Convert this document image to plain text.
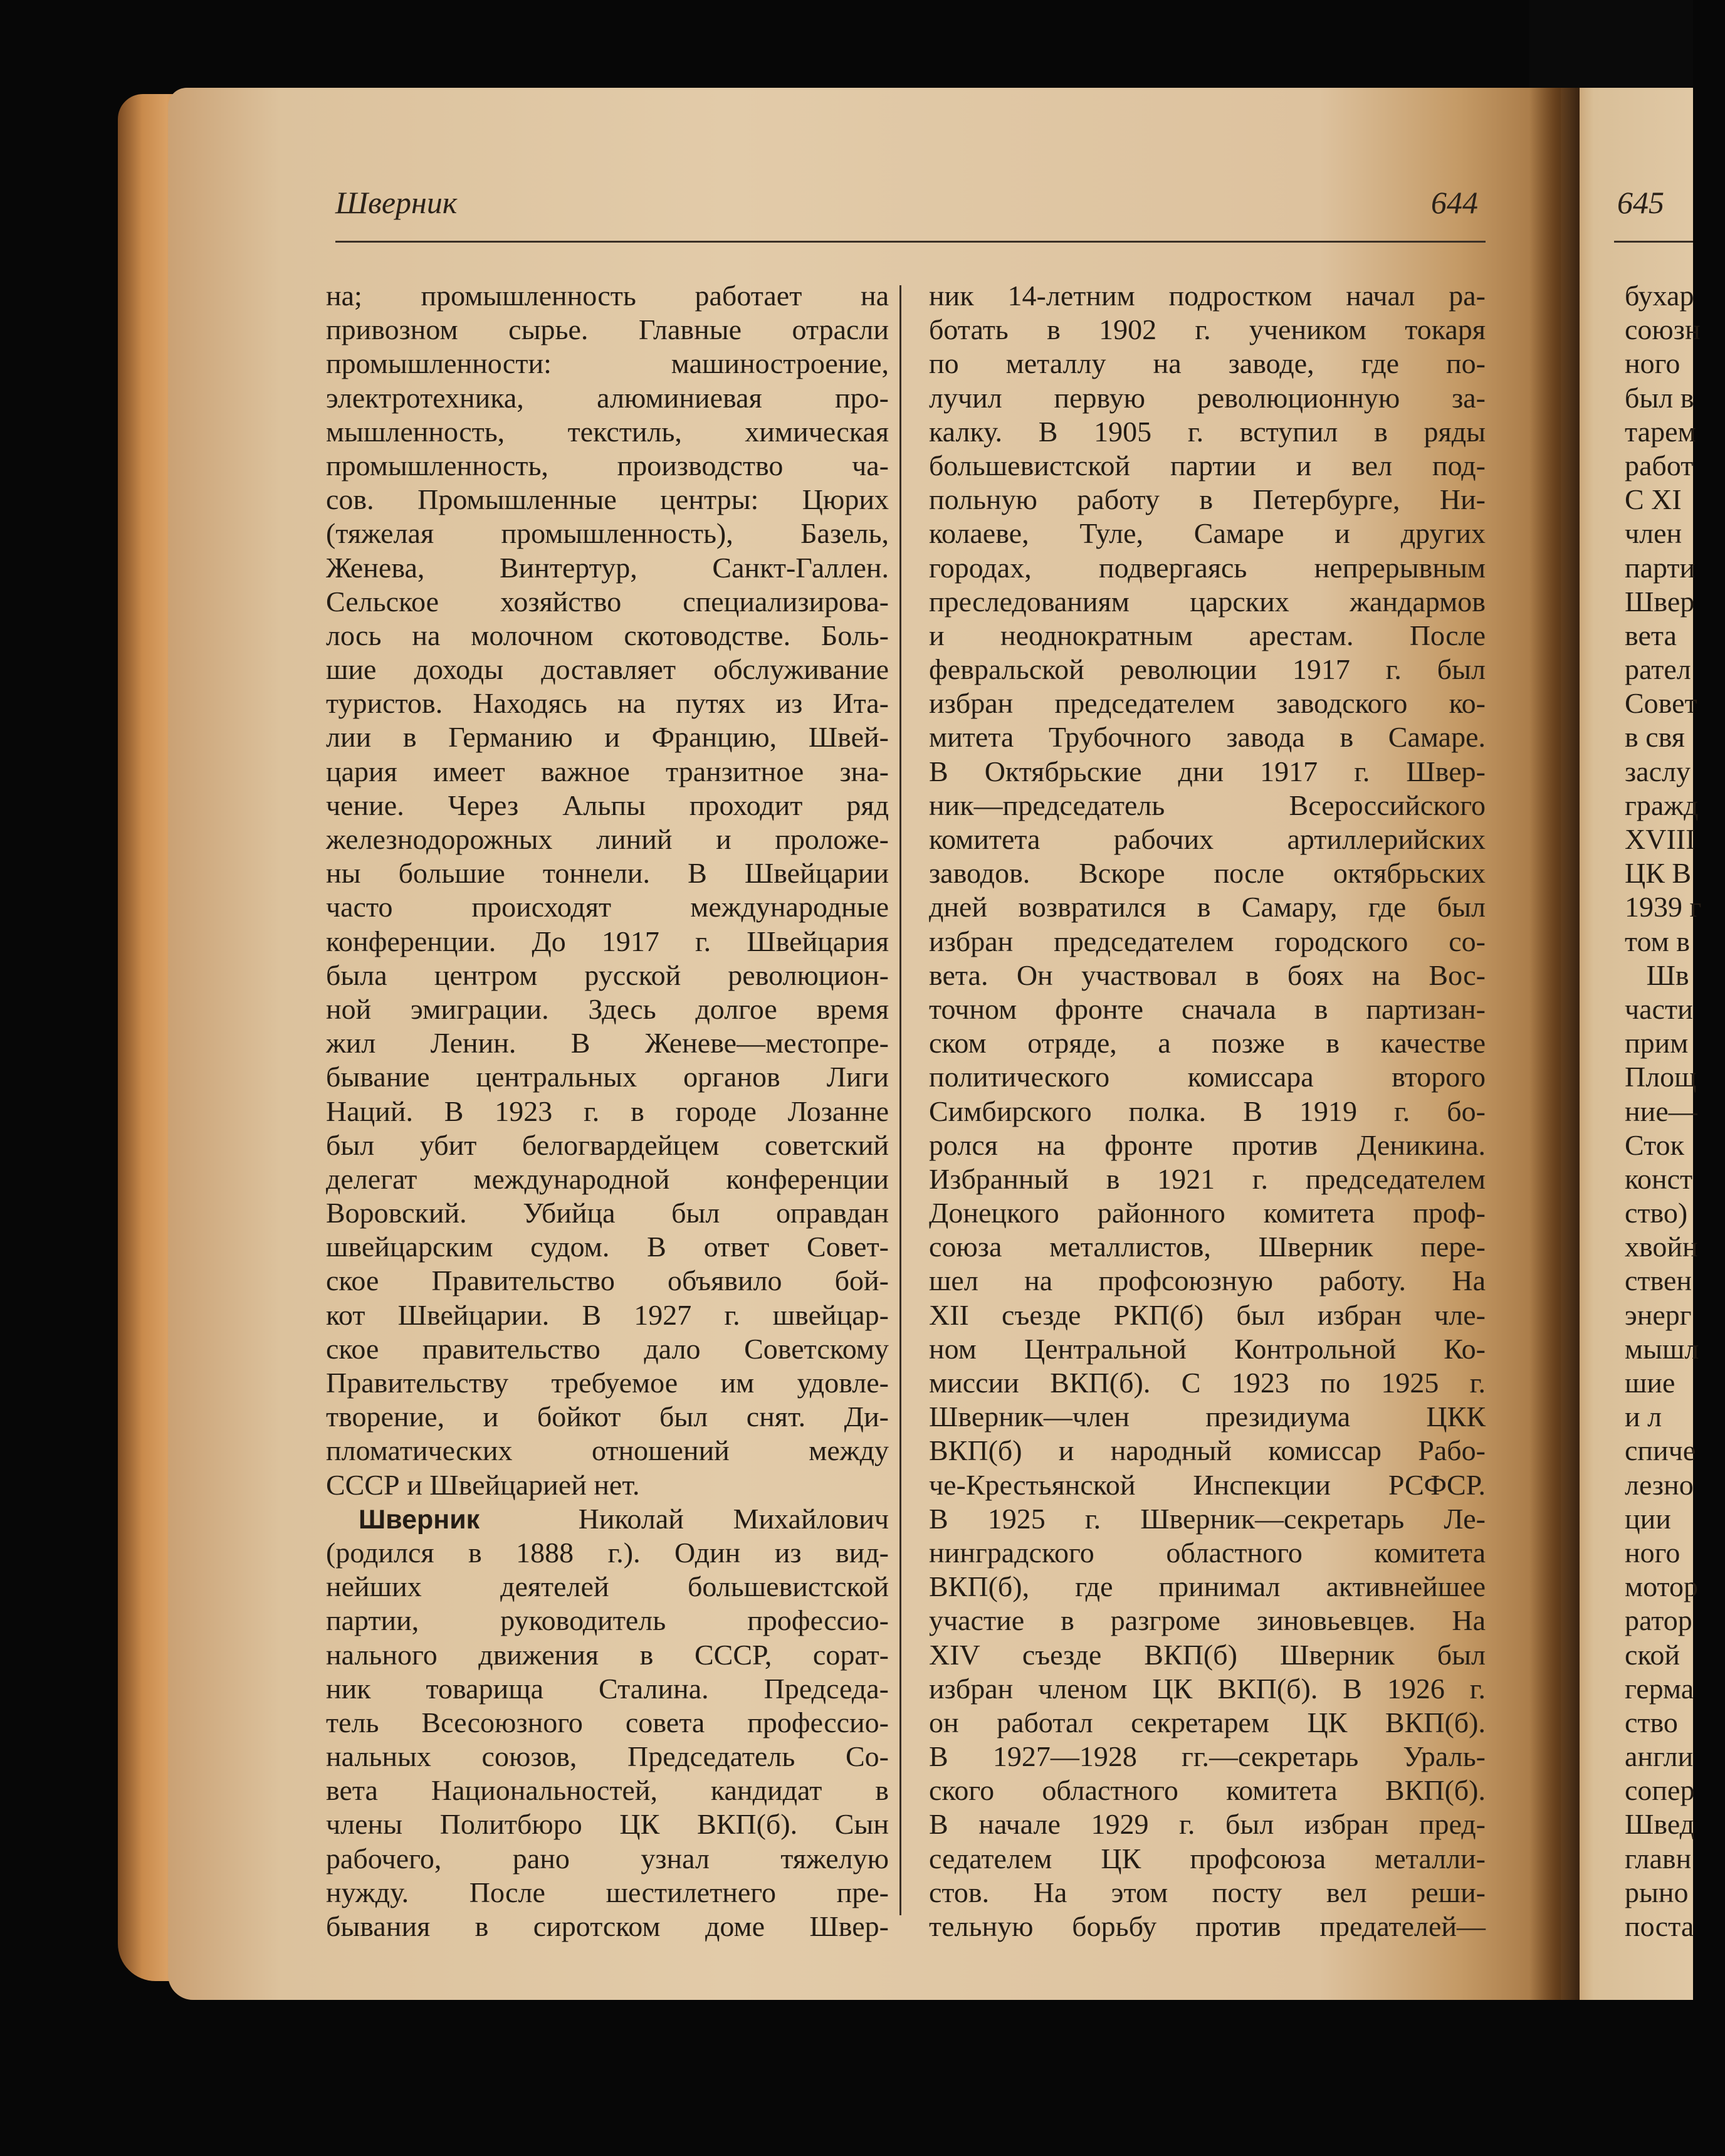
Шверник	644	645
на; промышленность работает на
привозном сырье. Главные отрасли
промышленности: машиностроение,
электротехника, алюминиевая про-
мышленность, текстиль, химическая
промышленность, производство ча-
сов. Промышленные центры: Цюрих
(тяжелая промышленность), Базель,
Женева, Винтертур, Санкт-Галлен.
Сельское хозяйство специализирова-
лось на молочном скотоводстве. Боль-
шие доходы доставляет обслуживание
туристов. Находясь на путях из Ита-
лии в Германию и Францию, Швей-
цария имеет важное транзитное зна-
чение. Через Альпы проходит ряд
железнодорожных линий и проложе-
ны большие тоннели. В Швейцарии
часто происходят международные
конференции. До 1917 г. Швейцария
была центром русской революцион-
ной эмиграции. Здесь долгое время
жил Ленин. В Женеве—местопре-
бывание центральных органов Лиги
Наций. В 1923 г. в городе Лозанне
был убит белогвардейцем советский
делегат международной конференции
Воровский. Убийца был оправдан
швейцарским судом. В ответ Совет-
ское Правительство объявило бой-
кот Швейцарии. В 1927 г. швейцар-
ское правительство дало Советскому
Правительству требуемое им удовле-
творение, и бойкот был снят. Ди-
пломатических отношений между
СССР и Швейцарией нет.
Шверник	Николай Михайлович
(родился в 1888 г.). Один из вид-
нейших деятелей большевистской
партии, руководитель профессио-
нального движения в СССР, сорат-
ник товарища Сталина. Председа-
тель Всесоюзного совета профессио-
нальных союзов, Председатель Со-
вета Национальностей, кандидат в
члены Политбюро ЦК ВКП(б). Сын
рабочего, рано узнал тяжелую
нужду. После шестилетнего пре-
бывания в сиротском доме Швер-
ник 14-летним подростком начал ра-
ботать в 1902 г. учеником токаря
по металлу на заводе, где по-
лучил первую революционную за-
калку. В 1905 г. вступил в ряды
большевистской партии и вел под-
польную работу в Петербурге, Ни-
колаеве, Туле, Самаре и других
городах, подвергаясь непрерывным
преследованиям царских жандармов
и неоднократным арестам. После
февральской революции 1917 г. был
избран председателем заводского ко-
митета Трубочного завода в Самаре.
В Октябрьские дни 1917 г. Швер-
ник—председатель Всероссийского
комитета рабочих артиллерийских
заводов. Вскоре после октябрьских
дней возвратился в Самару, где был
избран председателем городского со-
вета. Он участвовал в боях на Вос-
точном фронте сначала в партизан-
ском отряде, а позже в качестве
политического комиссара второго
Симбирского полка. В 1919 г. бо-
ролся на фронте против Деникина.
Избранный в 1921 г. председателем
Донецкого районного комитета проф-
союза металлистов, Шверник пере-
шел на профсоюзную работу. На
XII съезде РКП(б) был избран чле-
ном Центральной Контрольной Ко-
миссии ВКП(б). С 1923 по 1925 г.
Шверник—член президиума ЦКК
ВКП(б) и народный комиссар Рабо-
че-Крестьянской Инспекции РСФСР.
В 1925 г. Шверник—секретарь Ле-
нинградского областного комитета
ВКП(б), где принимал активнейшее
участие в разгроме зиновьевцев. На
XIV съезде ВКП(б) Шверник был
избран членом ЦК ВКП(б). В 1926 г.
он работал секретарем ЦК ВКП(б).
В 1927—1928 гг.—секретарь Ураль-
ского областного комитета ВКП(б).
В начале 1929 г. был избран пред-
седателем ЦК профсоюза металли-
стов. На этом посту вел реши-
тельную борьбу против предателей—
бухар
союзн
ного
был в
тарем
работ
С XI
член
парти
Швер
вета
рател
Совет
в свя
заслу
гражд
XVIII
ЦК В
1939 г
том в
Шв
части
прим
Площ
ние—
Сток
конст
ство)
хвойн
ствен
энерг
мышл
шие
и л
спиче
лезно
ции
ного
мотор
ратор
ской
герма
ство
англи
сопер
Швед
главн
рыно
поста
